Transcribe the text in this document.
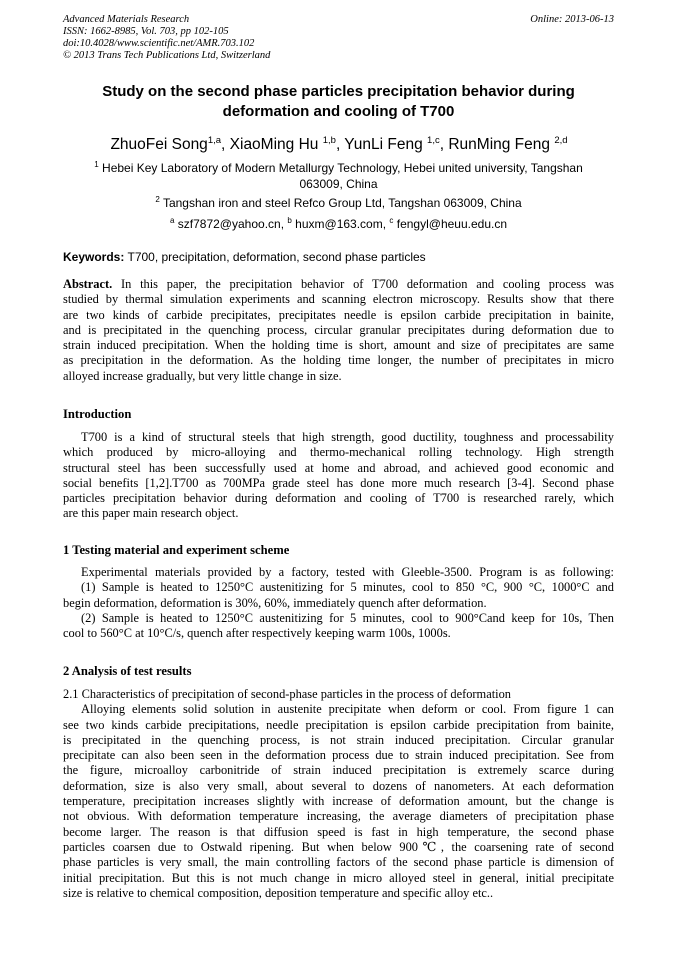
Advanced Materials Research
ISSN: 1662-8985, Vol. 703, pp 102-105
doi:10.4028/www.scientific.net/AMR.703.102
© 2013 Trans Tech Publications Ltd, Switzerland
Online: 2013-06-13
Study on the second phase particles precipitation behavior during
deformation and cooling of T700
ZhuoFei Song$^{1,a}$, XiaoMing Hu $^{1,b}$, YunLi Feng $^{1,c}$, RunMing Feng $^{2,d}$
$^1$ Hebei Key Laboratory of Modern Metallurgy Technology, Hebei united university, Tangshan
063009, China
$^2$ Tangshan iron and steel Refco Group Ltd, Tangshan 063009, China
$^a$ szf7872@yahoo.cn, $^b$ huxm@163.com, $^c$ fengyl@heuu.edu.cn
Keywords: T700, precipitation, deformation, second phase particles
Abstract. In this paper, the precipitation behavior of T700 deformation and cooling process was
studied by thermal simulation experiments and scanning electron microscopy. Results show that there
are two kinds of carbide precipitates, precipitates needle is epsilon carbide precipitation in bainite,
and is precipitated in the quenching process, circular granular precipitates during deformation due to
strain induced precipitation. When the holding time is short, amount and size of precipitates are same
as precipitation in the deformation. As the holding time longer, the number of precipitates in micro
alloyed increase gradually, but very little change in size.
Introduction
T700 is a kind of structural steels that high strength, good ductility, toughness and processability
which produced by micro-alloying and thermo-mechanical rolling technology. High strength
structural steel has been successfully used at home and abroad, and achieved good economic and
social benefits [1,2].T700 as 700MPa grade steel has done more much research [3-4]. Second phase
particles precipitation behavior during deformation and cooling of T700 is researched rarely, which
are this paper main research object.
1 Testing material and experiment scheme
Experimental materials provided by a factory, tested with Gleeble-3500. Program is as following:
(1) Sample is heated to 1250°C austenitizing for 5 minutes, cool to 850 °C, 900 °C, 1000°C and
begin deformation, deformation is 30%, 60%, immediately quench after deformation.
(2) Sample is heated to 1250°C austenitizing for 5 minutes, cool to 900°Cand keep for 10s, Then
cool to 560°C at 10°C/s, quench after respectively keeping warm 100s, 1000s.
2 Analysis of test results
2.1 Characteristics of precipitation of second-phase particles in the process of deformation
Alloying elements solid solution in austenite precipitate when deform or cool. From figure 1 can
see two kinds carbide precipitations, needle precipitation is epsilon carbide precipitation from bainite,
is precipitated in the quenching process, is not strain induced precipitation. Circular granular
precipitate can also been seen in the deformation process due to strain induced precipitation. See from
the figure, microalloy carbonitride of strain induced precipitation is extremely scarce during
deformation, size is also very small, about several to dozens of nanometers. At each deformation
temperature, precipitation increases slightly with increase of deformation amount, but the change is
not obvious. With deformation temperature increasing, the average diameters of precipitation phase
become larger. The reason is that diffusion speed is fast in high temperature, the second phase
particles coarsen due to Ostwald ripening. But when below 900℃, the coarsening rate of second
phase particles is very small, the main controlling factors of the second phase particle is dimension of
initial precipitation. But this is not much change in micro alloyed steel in general, initial precipitate
size is relative to chemical composition, deposition temperature and specific alloy etc..
